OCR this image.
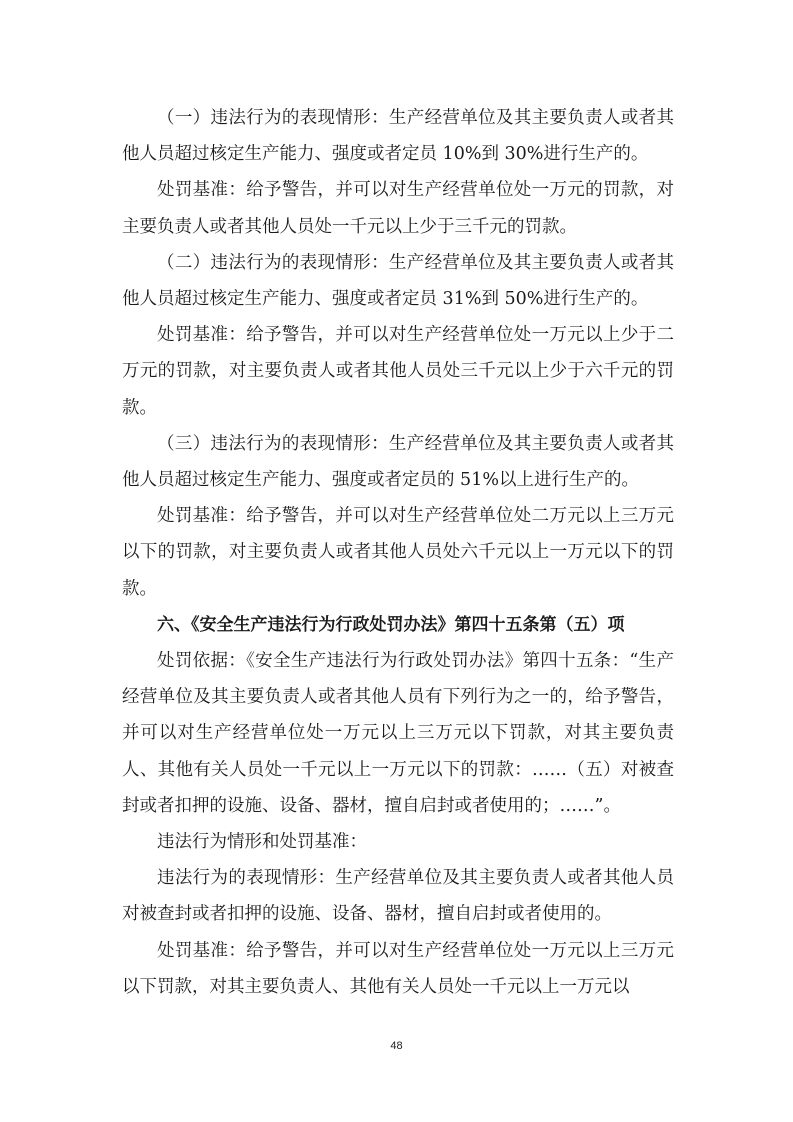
（一）违法行为的表现情形：生产经营单位及其主要负责人或者其他人员超过核定生产能力、强度或者定员 10%到 30%进行生产的。

处罚基准：给予警告，并可以对生产经营单位处一万元的罚款，对主要负责人或者其他人员处一千元以上少于三千元的罚款。

（二）违法行为的表现情形：生产经营单位及其主要负责人或者其他人员超过核定生产能力、强度或者定员 31%到 50%进行生产的。

处罚基准：给予警告，并可以对生产经营单位处一万元以上少于二万元的罚款，对主要负责人或者其他人员处三千元以上少于六千元的罚款。

（三）违法行为的表现情形：生产经营单位及其主要负责人或者其他人员超过核定生产能力、强度或者定员的 51%以上进行生产的。

处罚基准：给予警告，并可以对生产经营单位处二万元以上三万元以下的罚款，对主要负责人或者其他人员处六千元以上一万元以下的罚款。

六、《安全生产违法行为行政处罚办法》第四十五条第（五）项

处罚依据：《安全生产违法行为行政处罚办法》第四十五条：“生产经营单位及其主要负责人或者其他人员有下列行为之一的，给予警告，并可以对生产经营单位处一万元以上三万元以下罚款，对其主要负责人、其他有关人员处一千元以上一万元以下的罚款：……（五）对被查封或者扣押的设施、设备、器材，擅自启封或者使用的；……”。

违法行为情形和处罚基准：

违法行为的表现情形：生产经营单位及其主要负责人或者其他人员对被查封或者扣押的设施、设备、器材，擅自启封或者使用的。

处罚基准：给予警告，并可以对生产经营单位处一万元以上三万元以下罚款，对其主要负责人、其他有关人员处一千元以上一万元以

48
